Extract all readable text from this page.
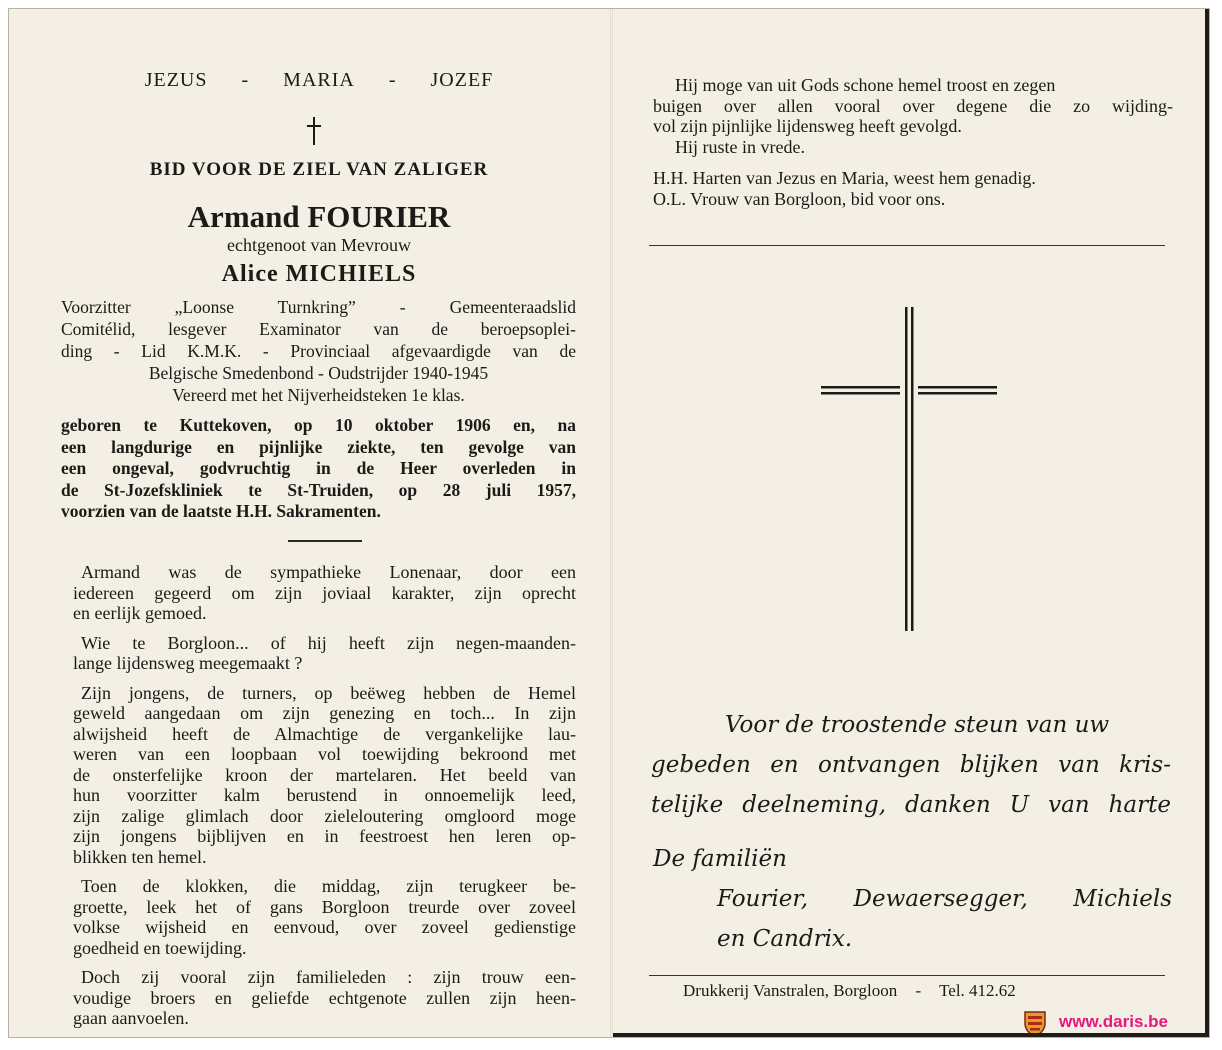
JEZUS - MARIA - JOZEF
BID VOOR DE ZIEL VAN ZALIGER
Armand FOURIER
echtgenoot van Mevrouw
Alice MICHIELS
Voorzitter „Loonse Turnkring” - Gemeenteraadslid
Comitélid, lesgever Examinator van de beroepsoplei-
ding - Lid K.M.K. - Provinciaal afgevaardigde van de
Belgische Smedenbond - Oudstrijder 1940-1945
Vereerd met het Nijverheidsteken 1e klas.
geboren te Kuttekoven, op 10 oktober 1906 en, na
een langdurige en pijnlijke ziekte, ten gevolge van
een ongeval, godvruchtig in de Heer overleden in
de St-Jozefskliniek te St-Truiden, op 28 juli 1957,
voorzien van de laatste H.H. Sakramenten.
Armand was de sympathieke Lonenaar, door een
iedereen gegeerd om zijn joviaal karakter, zijn oprecht
en eerlijk gemoed.
Wie te Borgloon... of hij heeft zijn negen-maanden-
lange lijdensweg meegemaakt ?
Zijn jongens, de turners, op beëweg hebben de Hemel
geweld aangedaan om zijn genezing en toch... In zijn
alwijsheid heeft de Almachtige de vergankelijke lau-
weren van een loopbaan vol toewijding bekroond met
de onsterfelijke kroon der martelaren. Het beeld van
hun voorzitter kalm berustend in onnoemelijk leed,
zijn zalige glimlach door zieleloutering omgloord moge
zijn jongens bijblijven en in feestroest hen leren op-
blikken ten hemel.
Toen de klokken, die middag, zijn terugkeer be-
groette, leek het of gans Borgloon treurde over zoveel
volkse wijsheid en eenvoud, over zoveel gedienstige
goedheid en toewijding.
Doch zij vooral zijn familieleden : zijn trouw een-
voudige broers en geliefde echtgenote zullen zijn heen-
gaan aanvoelen.
Hij moge van uit Gods schone hemel troost en zegen
buigen over allen vooral over degene die zo wijding-
vol zijn pijnlijke lijdensweg heeft gevolgd.
Hij ruste in vrede.
H.H. Harten van Jezus en Maria, weest hem genadig.
O.L. Vrouw van Borgloon, bid voor ons.
Voor de troostende steun van uw
gebeden en ontvangen blijken van kris-
telijke deelneming, danken U van harte
De familiën
Fourier, Dewaersegger, Michiels
en Candrix.
Drukkerij Vanstralen, Borgloon - Tel. 412.62
www.daris.be
